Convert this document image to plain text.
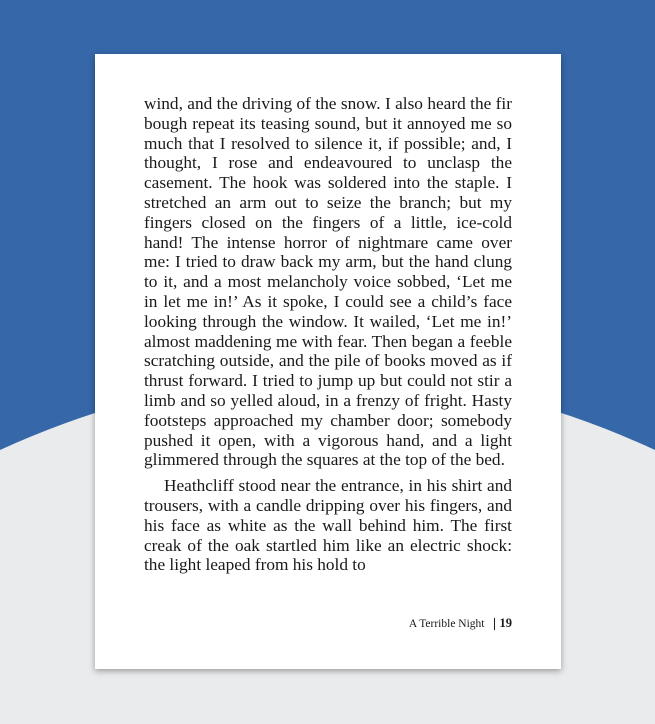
wind, and the driving of the snow. I also heard the fir bough repeat its teasing sound, but it annoyed me so much that I resolved to silence it, if possible; and, I thought, I rose and endeavoured to unclasp the casement. The hook was soldered into the staple. I stretched an arm out to seize the branch; but my fingers closed on the fingers of a little, ice-cold hand! The intense horror of nightmare came over me: I tried to draw back my arm, but the hand clung to it, and a most melancholy voice sobbed, ‘Let me in let me in!’ As it spoke, I could see a child’s face looking through the window. It wailed, ‘Let me in!’ almost maddening me with fear. Then began a feeble scratching outside, and the pile of books moved as if thrust forward. I tried to jump up but could not stir a limb and so yelled aloud, in a frenzy of fright. Hasty footsteps approached my chamber door; somebody pushed it open, with a vigorous hand, and a light glimmered through the squares at the top of the bed.

Heathcliff stood near the entrance, in his shirt and trousers, with a candle dripping over his fingers, and his face as white as the wall behind him. The first creak of the oak startled him like an electric shock: the light leaped from his hold to

A Terrible Night 19
